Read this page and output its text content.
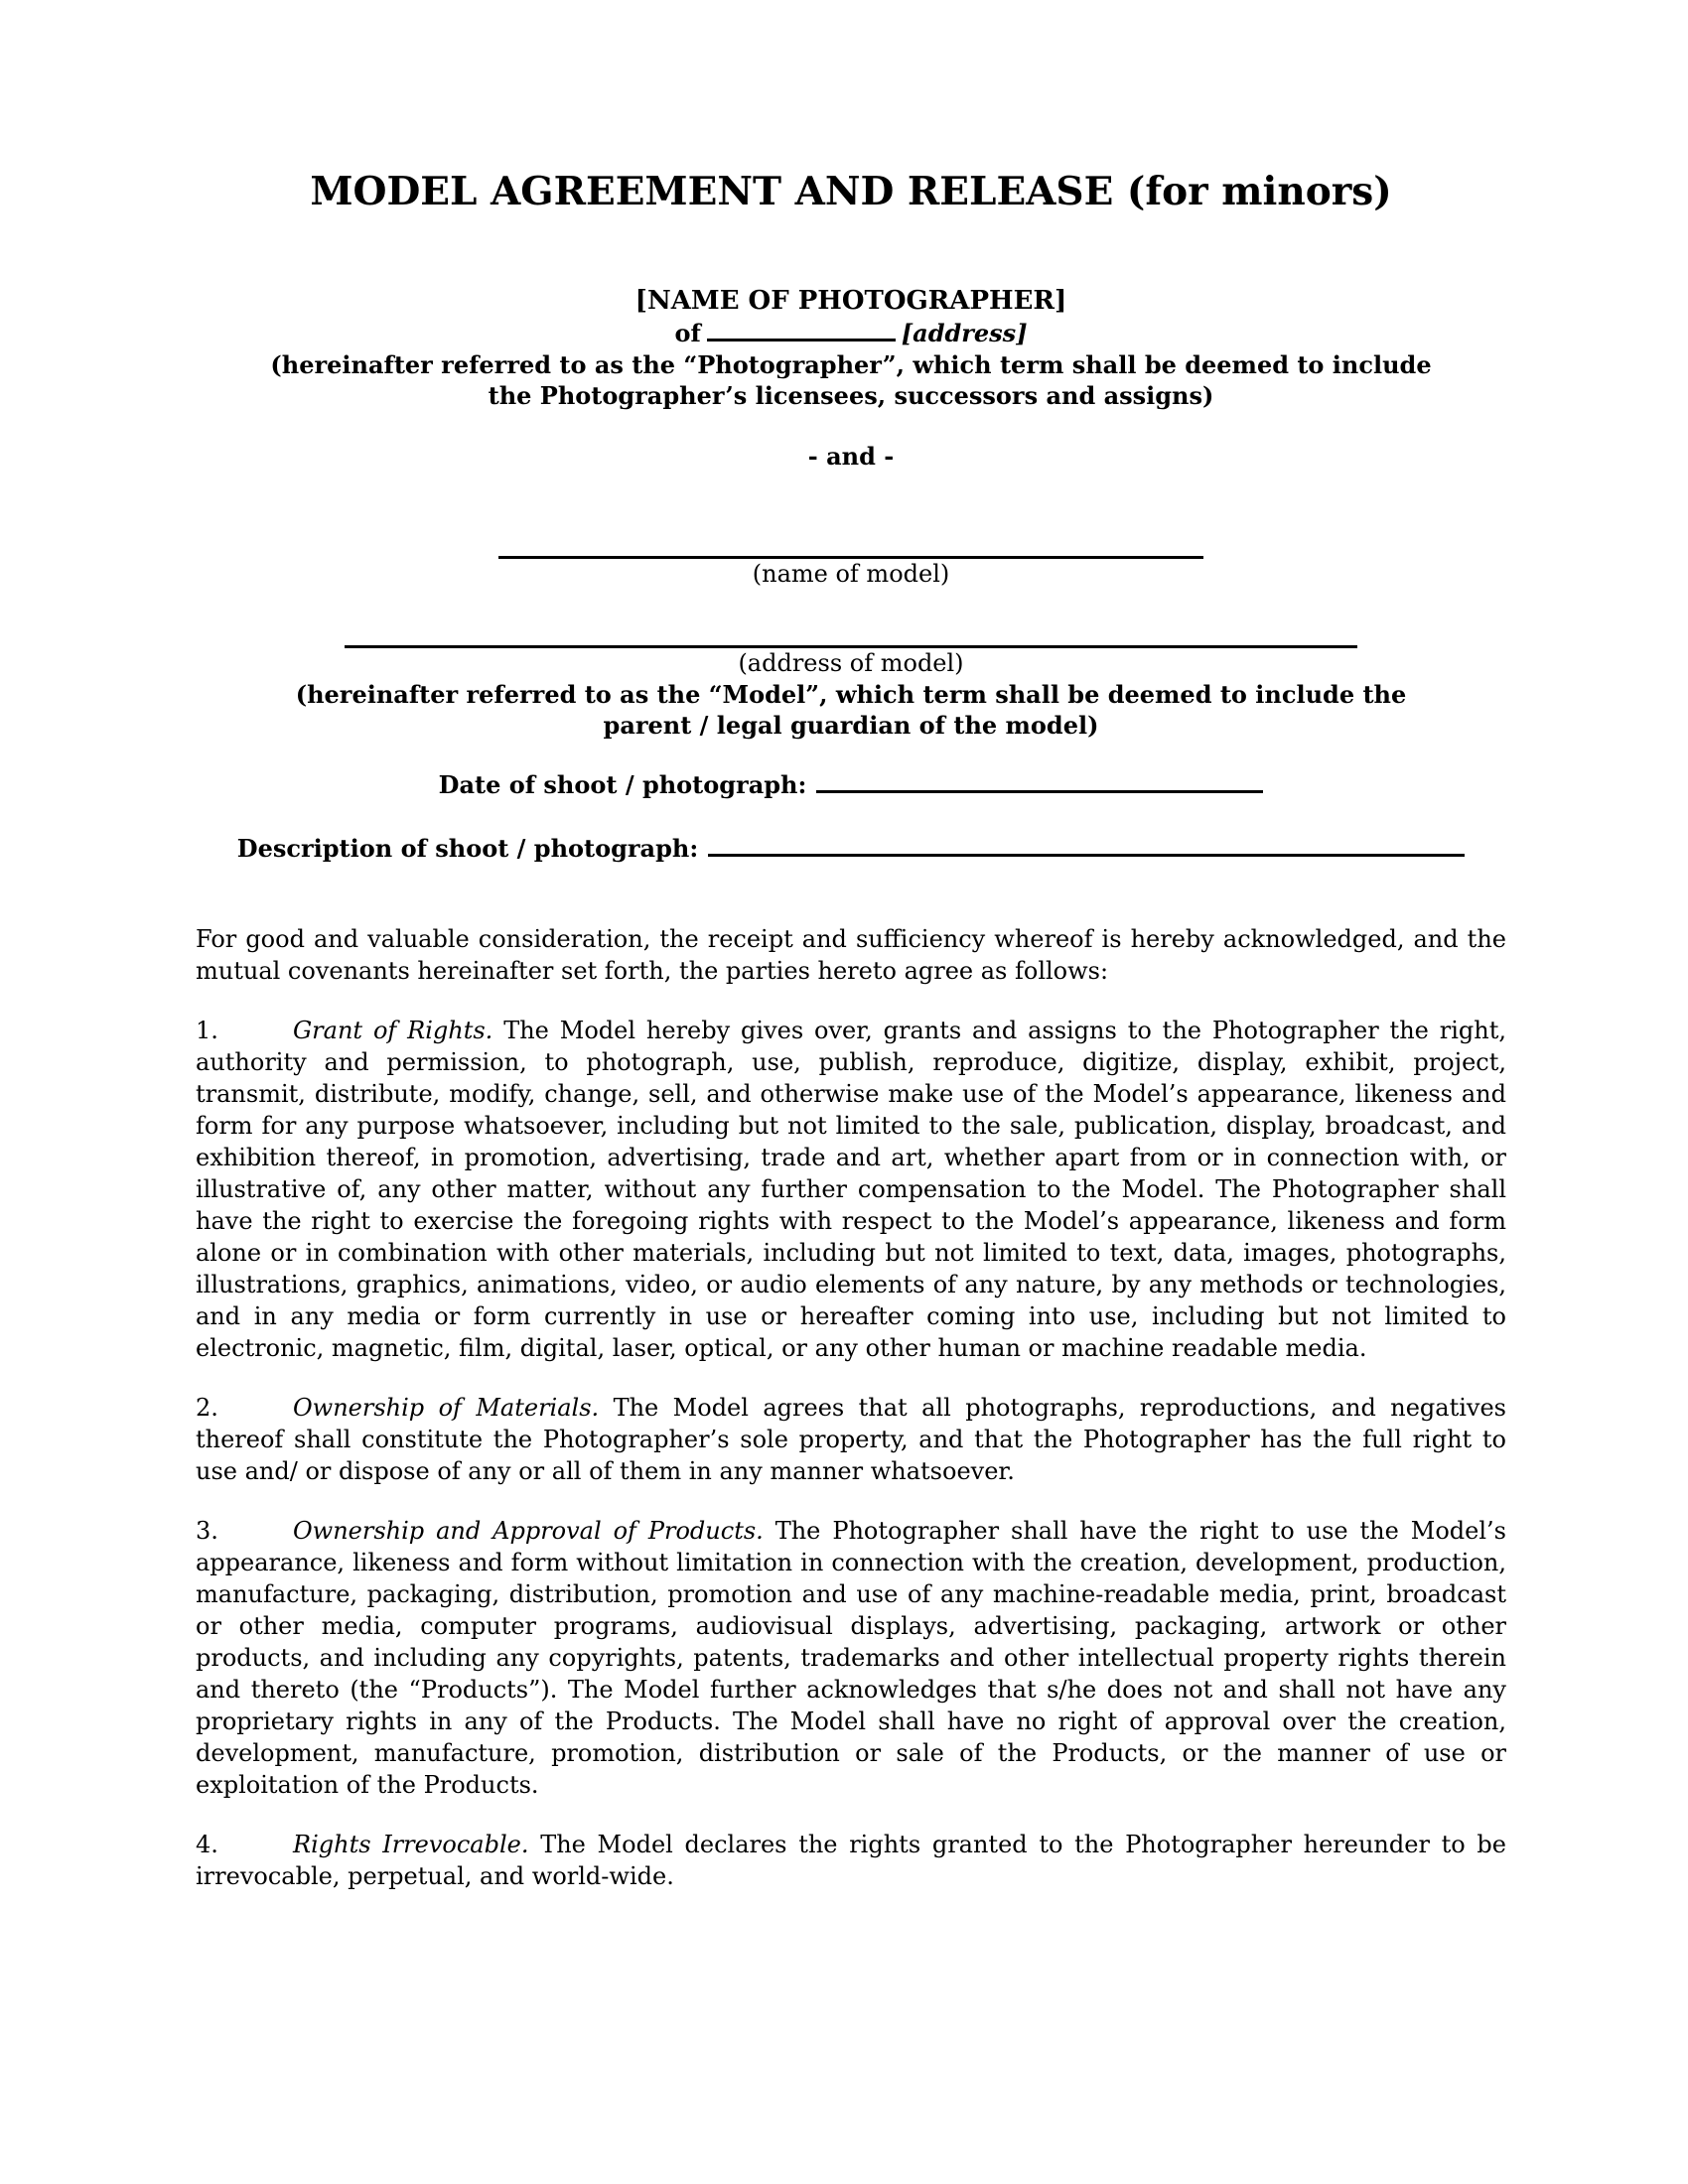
MODEL AGREEMENT AND RELEASE (for minors)
[NAME OF PHOTOGRAPHER]
of	[address]
(hereinafter referred to as the “Photographer”, which term shall be deemed to include the Photographer’s licensees, successors and assigns)
- and -
(name of model)
(address of model)
(hereinafter referred to as the “Model”, which term shall be deemed to include the parent / legal guardian of the model)
Date of shoot / photograph:
Description of shoot / photograph:

For good and valuable consideration, the receipt and sufficiency whereof is hereby acknowledged, and the mutual covenants hereinafter set forth, the parties hereto agree as follows:

1.	Grant of Rights. The Model hereby gives over, grants and assigns to the Photographer the right, authority and permission, to photograph, use, publish, reproduce, digitize, display, exhibit, project, transmit, distribute, modify, change, sell, and otherwise make use of the Model’s appearance, likeness and form for any purpose whatsoever, including but not limited to the sale, publication, display, broadcast, and exhibition thereof, in promotion, advertising, trade and art, whether apart from or in connection with, or illustrative of, any other matter, without any further compensation to the Model. The Photographer shall have the right to exercise the foregoing rights with respect to the Model’s appearance, likeness and form alone or in combination with other materials, including but not limited to text, data, images, photographs, illustrations, graphics, animations, video, or audio elements of any nature, by any methods or technologies, and in any media or form currently in use or hereafter coming into use, including but not limited to electronic, magnetic, film, digital, laser, optical, or any other human or machine readable media.

2.	Ownership of Materials. The Model agrees that all photographs, reproductions, and negatives thereof shall constitute the Photographer’s sole property, and that the Photographer has the full right to use and/ or dispose of any or all of them in any manner whatsoever.

3.	Ownership and Approval of Products. The Photographer shall have the right to use the Model’s appearance, likeness and form without limitation in connection with the creation, development, production, manufacture, packaging, distribution, promotion and use of any machine-readable media, print, broadcast or other media, computer programs, audiovisual displays, advertising, packaging, artwork or other products, and including any copyrights, patents, trademarks and other intellectual property rights therein and thereto (the “Products”). The Model further acknowledges that s/he does not and shall not have any proprietary rights in any of the Products. The Model shall have no right of approval over the creation, development, manufacture, promotion, distribution or sale of the Products, or the manner of use or exploitation of the Products.

4.	Rights Irrevocable. The Model declares the rights granted to the Photographer hereunder to be irrevocable, perpetual, and world-wide.
